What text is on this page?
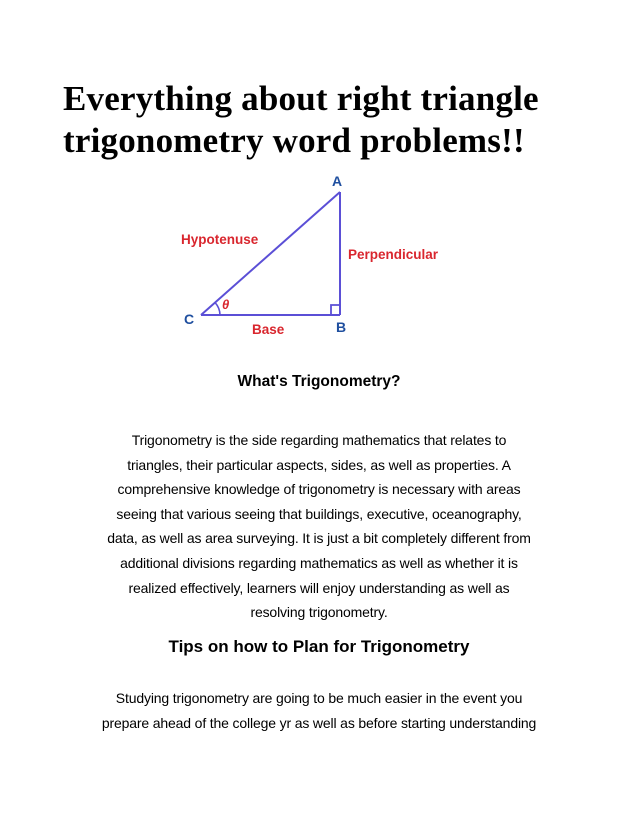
Everything about right triangle
trigonometry word problems!!
A
B
C
θ
Hypotenuse
Perpendicular
Base
What's Trigonometry?

Trigonometry is the side regarding mathematics that relates to
triangles, their particular aspects, sides, as well as properties. A
comprehensive knowledge of trigonometry is necessary with areas
seeing that various seeing that buildings, executive, oceanography,
data, as well as area surveying. It is just a bit completely different from
additional divisions regarding mathematics as well as whether it is
realized effectively, learners will enjoy understanding as well as
resolving trigonometry.

Tips on how to Plan for Trigonometry

Studying trigonometry are going to be much easier in the event you
prepare ahead of the college yr as well as before starting understanding
